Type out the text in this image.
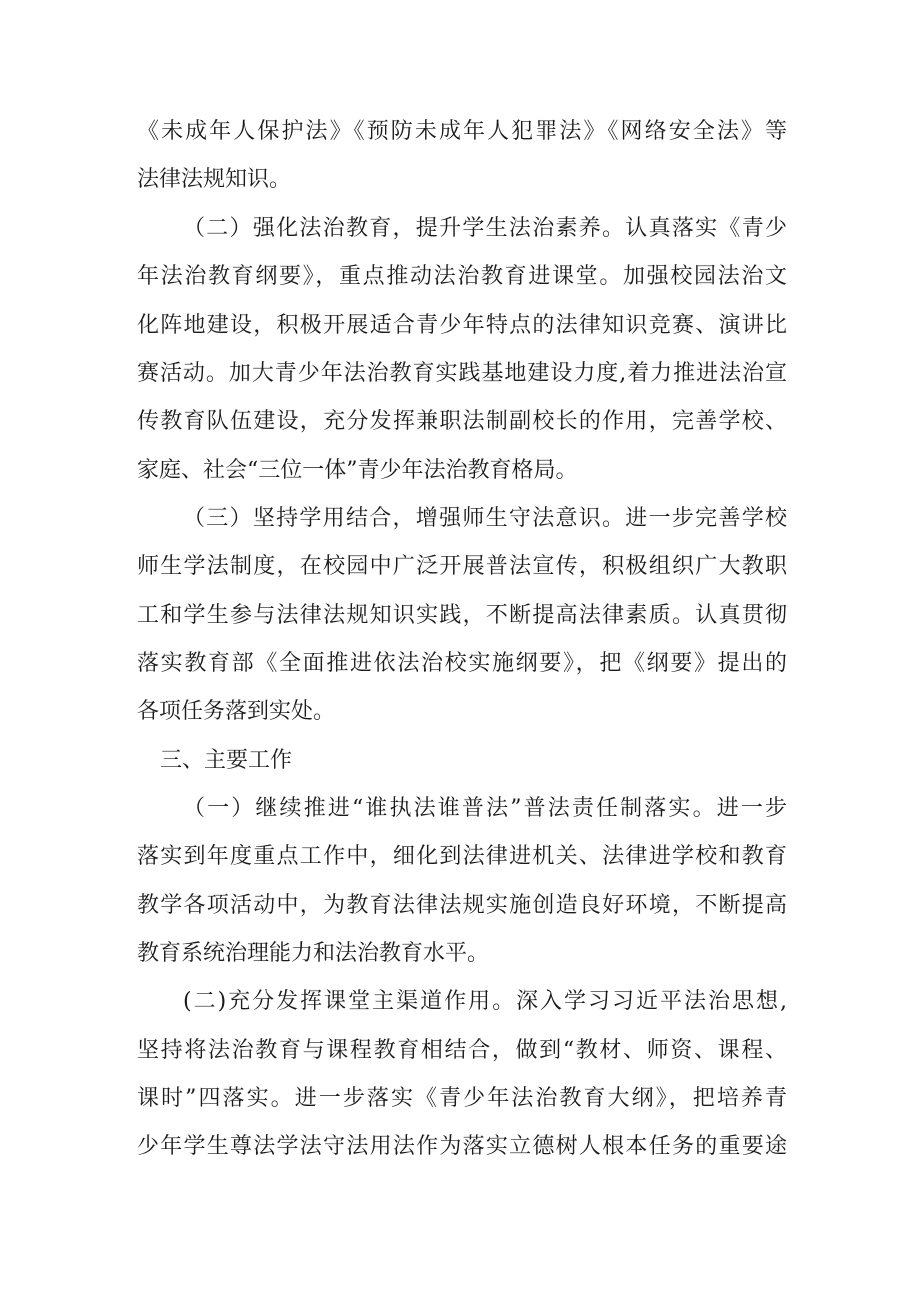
《未成年人保护法》《预防未成年人犯罪法》《网络安全法》等
法律法规知识。
（二）强化法治教育，提升学生法治素养。认真落实《青少
年法治教育纲要》，重点推动法治教育进课堂。加强校园法治文
化阵地建设，积极开展适合青少年特点的法律知识竞赛、演讲比
赛活动。加大青少年法治教育实践基地建设力度,着力推进法治宣
传教育队伍建设，充分发挥兼职法制副校长的作用，完善学校、
家庭、社会“三位一体”青少年法治教育格局。
（三）坚持学用结合，增强师生守法意识。进一步完善学校
师生学法制度，在校园中广泛开展普法宣传，积极组织广大教职
工和学生参与法律法规知识实践，不断提高法律素质。认真贯彻
落实教育部《全面推进依法治校实施纲要》，把《纲要》提出的
各项任务落到实处。
三、主要工作
（一）继续推进“谁执法谁普法”普法责任制落实。进一步
落实到年度重点工作中，细化到法律进机关、法律进学校和教育
教学各项活动中，为教育法律法规实施创造良好环境，不断提高
教育系统治理能力和法治教育水平。
(二)充分发挥课堂主渠道作用。深入学习习近平法治思想,
坚持将法治教育与课程教育相结合，做到“教材、师资、课程、
课时”四落实。进一步落实《青少年法治教育大纲》，把培养青
少年学生尊法学法守法用法作为落实立德树人根本任务的重要途
